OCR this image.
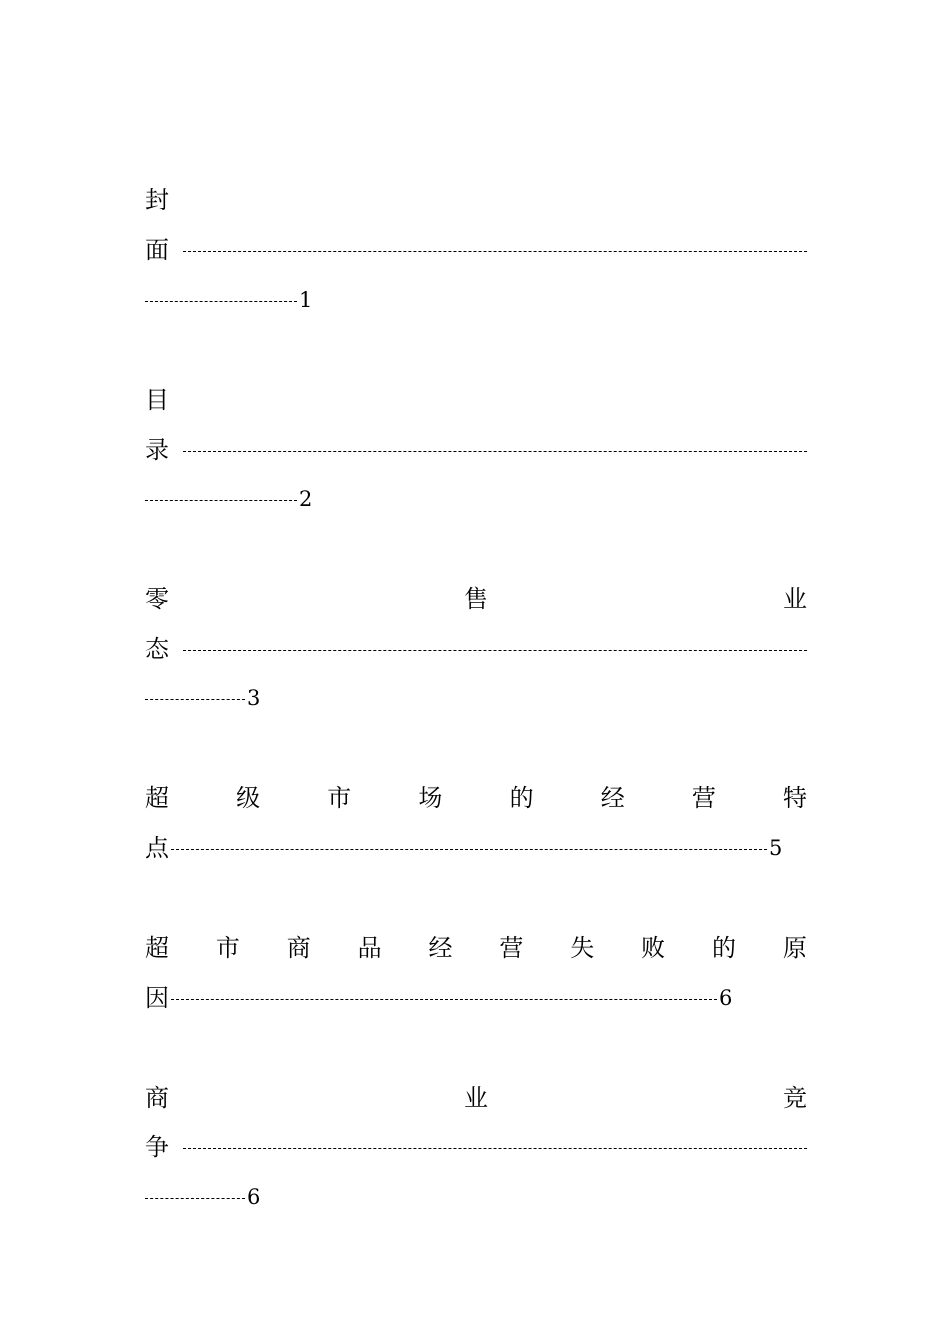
封
面
1
目
录
2
零	售	业
态
3
超	级	市	场	的	经	营	特
点	5
超 市 商 品 经 营 失 败 的 原
因	6
商	业	竞
争
6
